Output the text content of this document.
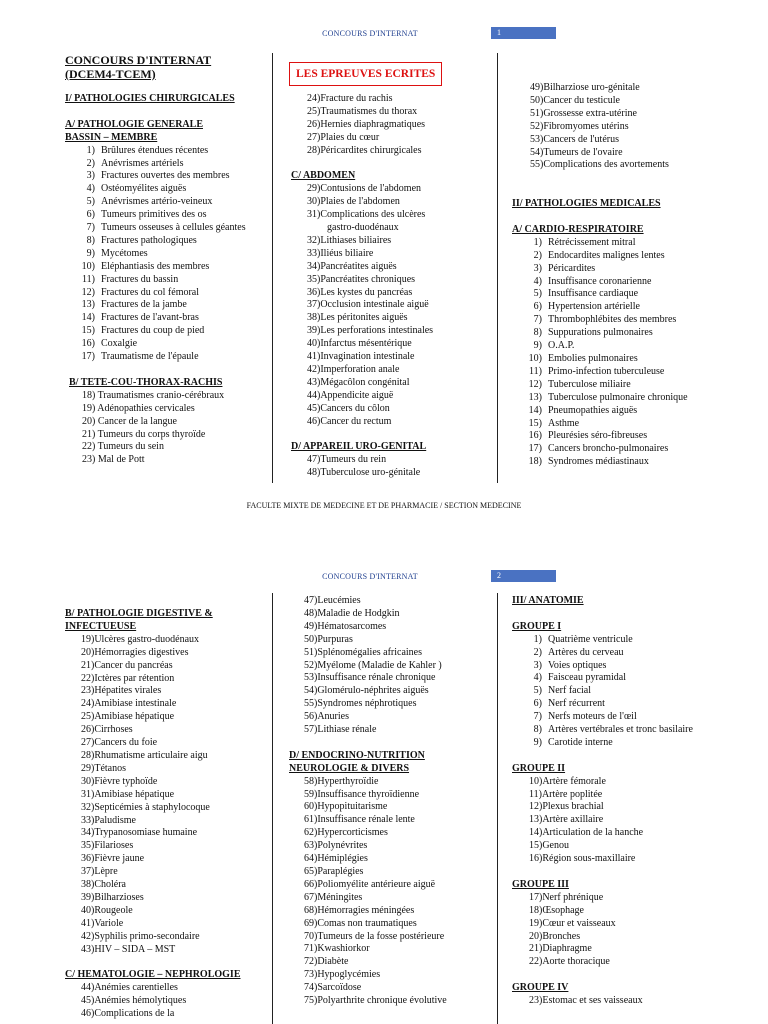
CONCOURS D'INTERNAT	1
CONCOURS D'INTERNAT
(DCEM4-TCEM)
I/ PATHOLOGIES CHIRURGICALES
A/ PATHOLOGIE GENERALE
BASSIN – MEMBRE
1) Brûlures étendues récentes
2) Anévrismes artériels
3) Fractures ouvertes des membres
4) Ostéomyélites aiguës
5) Anévrismes artério-veineux
6) Tumeurs primitives des os
7) Tumeurs osseuses à cellules géantes
8) Fractures pathologiques
9) Mycétomes
10) Eléphantiasis des membres
11) Fractures du bassin
12) Fractures du col fémoral
13) Fractures de la jambe
14) Fractures de l'avant-bras
15) Fractures du coup de pied
16) Coxalgie
17) Traumatisme de l'épaule
B/ TETE-COU-THORAX-RACHIS
18) Traumatismes cranio-cérébraux
19) Adénopathies cervicales
20) Cancer de la langue
21) Tumeurs du corps thyroïde
22) Tumeurs du sein
23) Mal de Pott
LES EPREUVES ECRITES
24)Fracture du rachis
25)Traumatismes du thorax
26)Hernies diaphragmatiques
27)Plaies du cœur
28)Péricardites chirurgicales
C/ ABDOMEN
29)Contusions de l'abdomen
30)Plaies de l'abdomen
31)Complications des ulcères
gastro-duodénaux
32)Lithiases biliaires
33)Iliéus biliaire
34)Pancréatites aiguës
35)Pancréatites chroniques
36)Les kystes du pancréas
37)Occlusion intestinale aiguë
38)Les péritonites aiguës
39)Les perforations intestinales
40)Infarctus mésentérique
41)Invagination intestinale
42)Imperforation anale
43)Mégacôlon congénital
44)Appendicite aiguë
45)Cancers du côlon
46)Cancer du rectum
D/ APPAREIL URO-GENITAL
47)Tumeurs du rein
48)Tuberculose uro-génitale
49)Bilharziose uro-génitale
50)Cancer du testicule
51)Grossesse extra-utérine
52)Fibromyomes utérins
53)Cancers de l'utérus
54)Tumeurs de l'ovaire
55)Complications des avortements
II/ PATHOLOGIES MEDICALES
A/ CARDIO-RESPIRATOIRE
1) Rétrécissement mitral
2) Endocardites malignes lentes
3) Péricardites
4) Insuffisance coronarienne
5) Insuffisance cardiaque
6) Hypertension artérielle
7) Thrombophlébites des membres
8) Suppurations pulmonaires
9) O.A.P.
10) Embolies pulmonaires
11) Primo-infection tuberculeuse
12) Tuberculose miliaire
13) Tuberculose pulmonaire chronique
14) Pneumopathies aiguës
15) Asthme
16) Pleurésies séro-fibreuses
17) Cancers broncho-pulmonaires
18) Syndromes médiastinaux
FACULTE MIXTE DE MEDECINE ET DE PHARMACIE / SECTION MEDECINE
CONCOURS D'INTERNAT	2
B/ PATHOLOGIE DIGESTIVE &
INFECTUEUSE
19)Ulcères gastro-duodénaux
20)Hémorragies digestives
21)Cancer du pancréas
22)Ictères par rétention
23)Hépatites virales
24)Amibiase intestinale
25)Amibiase hépatique
26)Cirrhoses
27)Cancers du foie
28)Rhumatisme articulaire aigu
29)Tétanos
30)Fièvre typhoïde
31)Amibiase hépatique
32)Septicémies à staphylocoque
33)Paludisme
34)Trypanosomiase humaine
35)Filarioses
36)Fièvre jaune
37)Lèpre
38)Choléra
39)Bilharzioses
40)Rougeole
41)Variole
42)Syphilis primo-secondaire
43)HIV – SIDA – MST
C/ HEMATOLOGIE – NEPHROLOGIE
44)Anémies carentielles
45)Anémies hémolytiques
46)Complications de la
47)Leucémies
48)Maladie de Hodgkin
49)Hématosarcomes
50)Purpuras
51)Splénomégalies africaines
52)Myélome (Maladie de Kahler )
53)Insuffisance rénale chronique
54)Glomérulo-néphrites aiguës
55)Syndromes néphrotiques
56)Anuries
57)Lithiase rénale
D/ ENDOCRINO-NUTRITION
NEUROLOGIE & DIVERS
58)Hyperthyroïdie
59)Insuffisance thyroïdienne
60)Hypopituitarisme
61)Insuffisance rénale lente
62)Hypercorticismes
63)Polynévrites
64)Hémiplégies
65)Paraplégies
66)Poliomyélite antérieure aiguë
67)Méningites
68)Hémorragies méningées
69)Comas non traumatiques
70)Tumeurs de la fosse postérieure
71)Kwashiorkor
72)Diabète
73)Hypoglycémies
74)Sarcoïdose
75)Polyarthrite chronique évolutive
III/ ANATOMIE
GROUPE I
1) Quatrième ventricule
2) Artères du cerveau
3) Voies optiques
4) Faisceau pyramidal
5) Nerf facial
6) Nerf récurrent
7) Nerfs moteurs de l'œil
8) Artères vertébrales et tronc basilaire
9) Carotide interne
GROUPE II
10)Artère fémorale
11)Artère poplitée
12)Plexus brachial
13)Artère axillaire
14)Articulation de la hanche
15)Genou
16)Région sous-maxillaire
GROUPE III
17)Nerf phrénique
18)Œsophage
19)Cœur et vaisseaux
20)Bronches
21)Diaphragme
22)Aorte thoracique
GROUPE IV
23)Estomac et ses vaisseaux
